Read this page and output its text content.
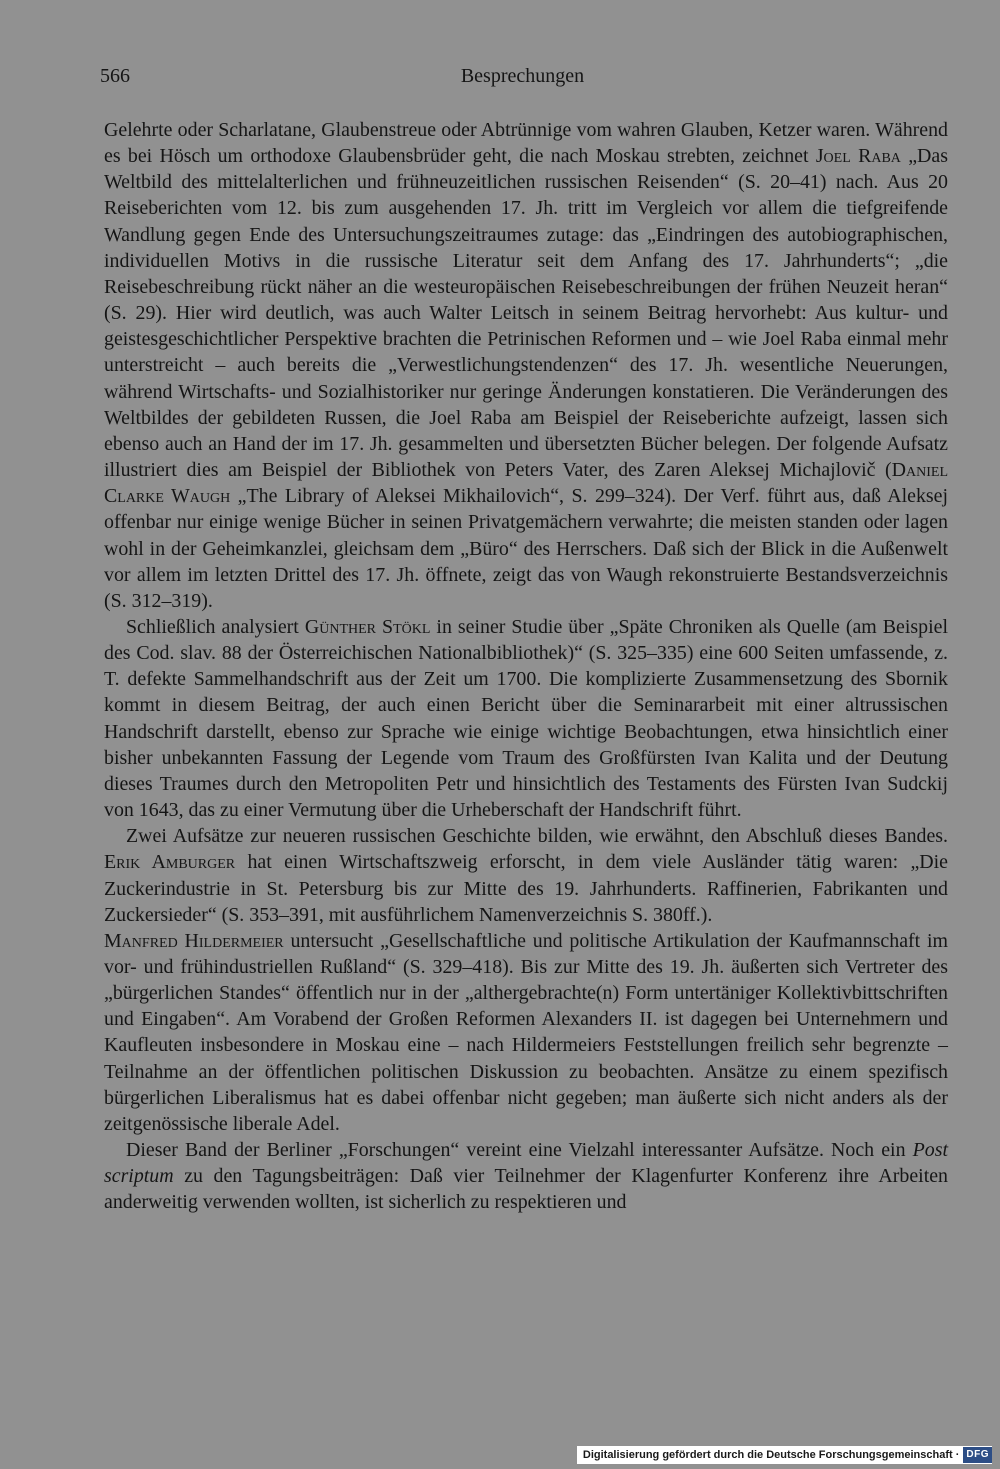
566	Besprechungen

Gelehrte oder Scharlatane, Glaubenstreue oder Abtrünnige vom wahren Glauben, Ketzer waren. Während es bei Hösch um orthodoxe Glaubensbrüder geht, die nach Moskau strebten, zeichnet Joel Raba „Das Weltbild des mittelalterlichen und frühneuzeitlichen russischen Reisenden“ (S. 20–41) nach. Aus 20 Reiseberichten vom 12. bis zum ausgehenden 17. Jh. tritt im Vergleich vor allem die tiefgreifende Wandlung gegen Ende des Untersuchungszeitraumes zutage: das „Eindringen des autobiographischen, individuellen Motivs in die russische Literatur seit dem Anfang des 17. Jahrhunderts“; „die Reisebeschreibung rückt näher an die westeuropäischen Reisebeschreibungen der frühen Neuzeit heran“ (S. 29). Hier wird deutlich, was auch Walter Leitsch in seinem Beitrag hervorhebt: Aus kultur- und geistesgeschichtlicher Perspektive brachten die Petrinischen Reformen und – wie Joel Raba einmal mehr unterstreicht – auch bereits die „Verwestlichungstendenzen“ des 17. Jh. wesentliche Neuerungen, während Wirtschafts- und Sozialhistoriker nur geringe Änderungen konstatieren. Die Veränderungen des Weltbildes der gebildeten Russen, die Joel Raba am Beispiel der Reiseberichte aufzeigt, lassen sich ebenso auch an Hand der im 17. Jh. gesammelten und übersetzten Bücher belegen. Der folgende Aufsatz illustriert dies am Beispiel der Bibliothek von Peters Vater, des Zaren Aleksej Michajlovič (Daniel Clarke Waugh „The Library of Aleksei Mikhailovich“, S. 299–324). Der Verf. führt aus, daß Aleksej offenbar nur einige wenige Bücher in seinen Privatgemächern verwahrte; die meisten standen oder lagen wohl in der Geheimkanzlei, gleichsam dem „Büro“ des Herrschers. Daß sich der Blick in die Außenwelt vor allem im letzten Drittel des 17. Jh. öffnete, zeigt das von Waugh rekonstruierte Bestandsverzeichnis (S. 312–319).

Schließlich analysiert Günther Stökl in seiner Studie über „Späte Chroniken als Quelle (am Beispiel des Cod. slav. 88 der Österreichischen Nationalbibliothek)“ (S. 325–335) eine 600 Seiten umfassende, z. T. defekte Sammelhandschrift aus der Zeit um 1700. Die komplizierte Zusammensetzung des Sbornik kommt in diesem Beitrag, der auch einen Bericht über die Seminararbeit mit einer altrussischen Handschrift darstellt, ebenso zur Sprache wie einige wichtige Beobachtungen, etwa hinsichtlich einer bisher unbekannten Fassung der Legende vom Traum des Großfürsten Ivan Kalita und der Deutung dieses Traumes durch den Metropoliten Petr und hinsichtlich des Testaments des Fürsten Ivan Sudckij von 1643, das zu einer Vermutung über die Urheberschaft der Handschrift führt.

Zwei Aufsätze zur neueren russischen Geschichte bilden, wie erwähnt, den Abschluß dieses Bandes. Erik Amburger hat einen Wirtschaftszweig erforscht, in dem viele Ausländer tätig waren: „Die Zuckerindustrie in St. Petersburg bis zur Mitte des 19. Jahrhunderts. Raffinerien, Fabrikanten und Zuckersieder“ (S. 353–391, mit ausführlichem Namenverzeichnis S. 380ff.).

Manfred Hildermeier untersucht „Gesellschaftliche und politische Artikulation der Kaufmannschaft im vor- und frühindustriellen Rußland“ (S. 329–418). Bis zur Mitte des 19. Jh. äußerten sich Vertreter des „bürgerlichen Standes“ öffentlich nur in der „althergebrachte(n) Form untertäniger Kollektivbittschriften und Eingaben“. Am Vorabend der Großen Reformen Alexanders II. ist dagegen bei Unternehmern und Kaufleuten insbesondere in Moskau eine – nach Hildermeiers Feststellungen freilich sehr begrenzte – Teilnahme an der öffentlichen politischen Diskussion zu beobachten. Ansätze zu einem spezifisch bürgerlichen Liberalismus hat es dabei offenbar nicht gegeben; man äußerte sich nicht anders als der zeitgenössische liberale Adel.

Dieser Band der Berliner „Forschungen“ vereint eine Vielzahl interessanter Aufsätze. Noch ein Post scriptum zu den Tagungsbeiträgen: Daß vier Teilnehmer der Klagenfurter Konferenz ihre Arbeiten anderweitig verwenden wollten, ist sicherlich zu respektieren und

Digitalisierung gefördert durch die Deutsche Forschungsgemeinschaft · DFG
